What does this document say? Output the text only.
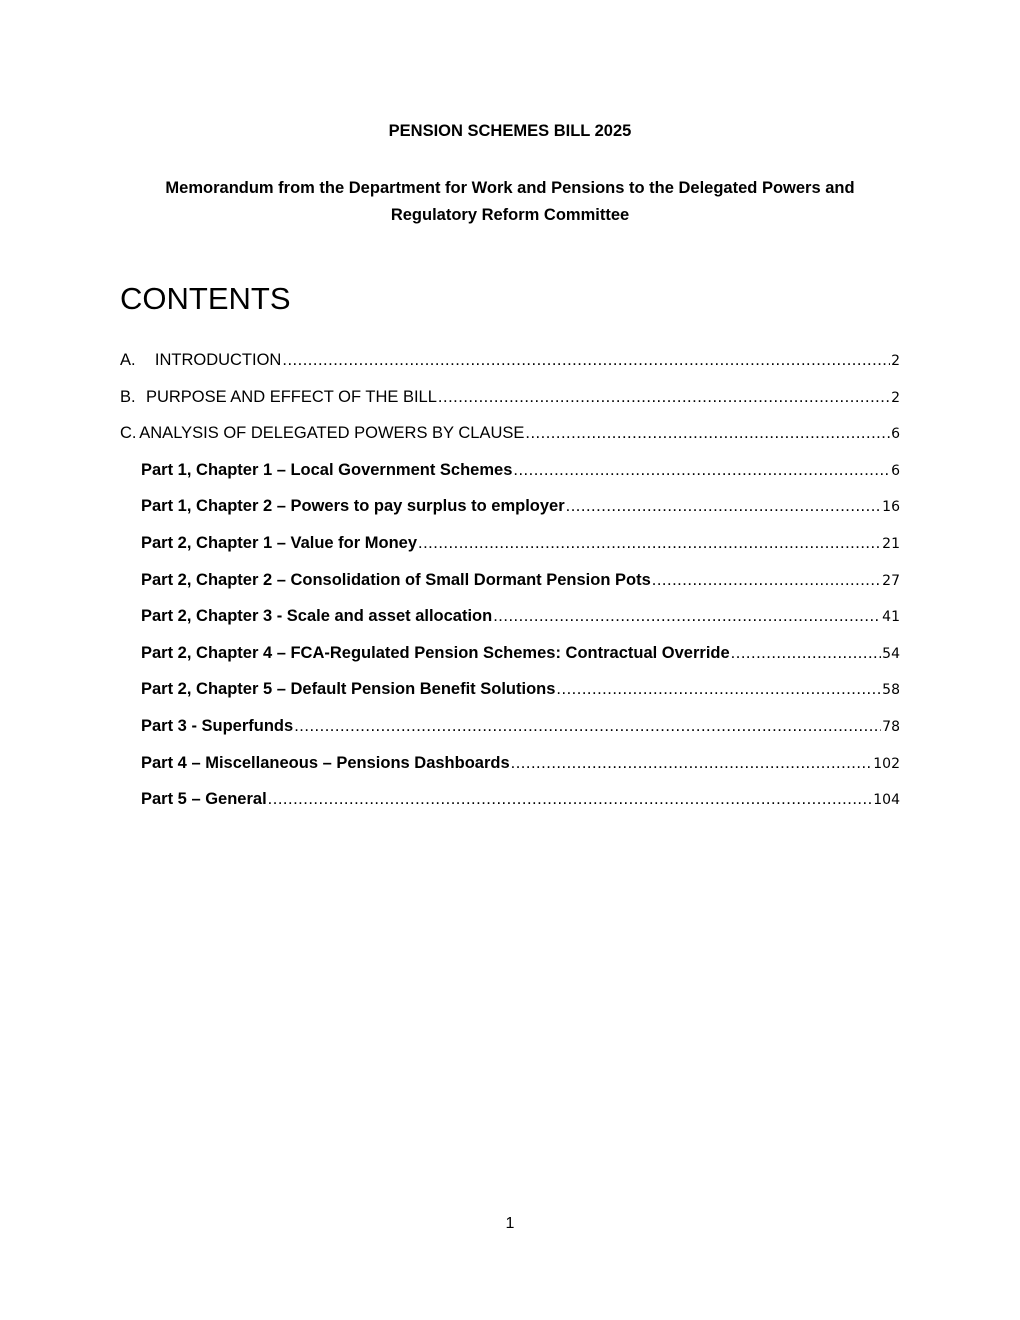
PENSION SCHEMES BILL 2025
Memorandum from the Department for Work and Pensions to the Delegated Powers and Regulatory Reform Committee
CONTENTS
A.	INTRODUCTION .....	2
B. PURPOSE AND EFFECT OF THE BILL .....	2
C. ANALYSIS OF DELEGATED POWERS BY CLAUSE .....	6
Part 1, Chapter 1 – Local Government Schemes .....	6
Part 1, Chapter 2 – Powers to pay surplus to employer .....	16
Part 2, Chapter 1 – Value for Money .....	21
Part 2, Chapter 2 – Consolidation of Small Dormant Pension Pots .....	27
Part 2, Chapter 3 - Scale and asset allocation .....	41
Part 2, Chapter 4 – FCA-Regulated Pension Schemes: Contractual Override .....	54
Part 2, Chapter 5 – Default Pension Benefit Solutions .....	58
Part 3 - Superfunds .....	78
Part 4 – Miscellaneous – Pensions Dashboards .....	102
Part 5 – General .....	104
1
